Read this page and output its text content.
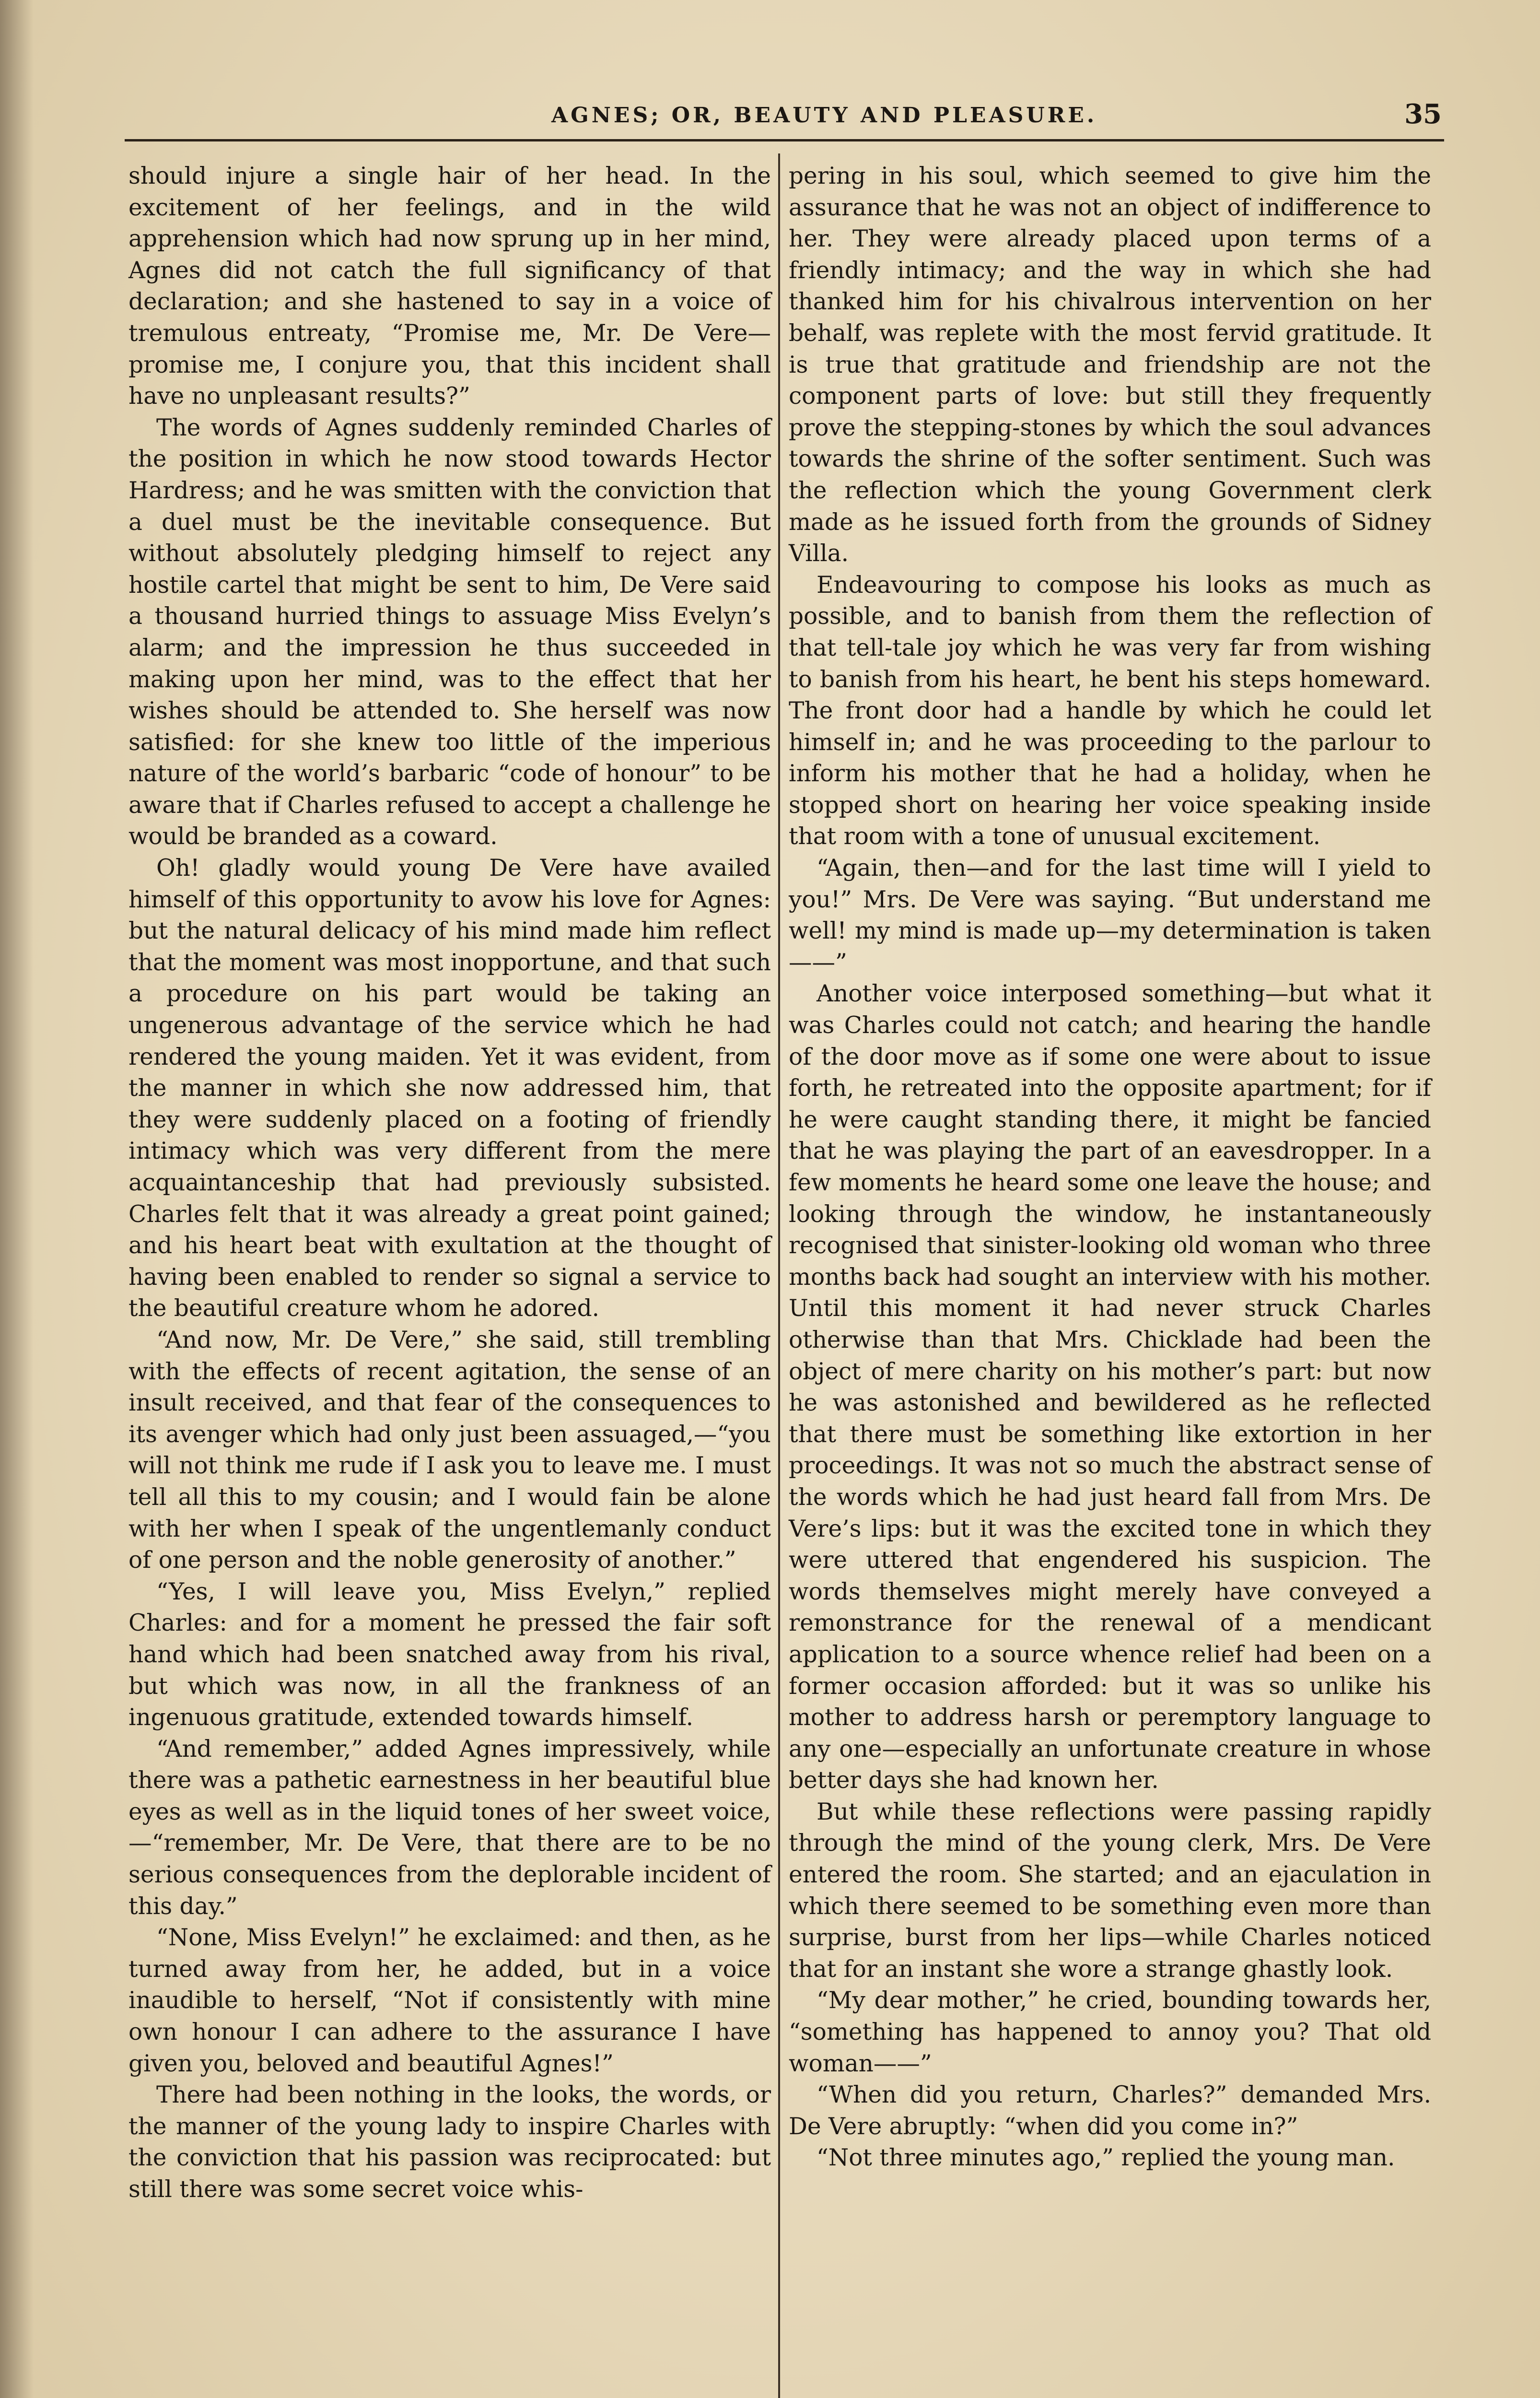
AGNES; OR, BEAUTY AND PLEASURE.	35

should injure a single hair of her head. In the excitement of her feelings, and in the wild apprehension which had now sprung up in her mind, Agnes did not catch the full significancy of that declaration; and she hastened to say in a voice of tremulous entreaty, “Promise me, Mr. De Vere—promise me, I conjure you, that this incident shall have no unpleasant results?”

The words of Agnes suddenly reminded Charles of the position in which he now stood towards Hector Hardress; and he was smitten with the conviction that a duel must be the inevitable consequence. But without absolutely pledging himself to reject any hostile cartel that might be sent to him, De Vere said a thousand hurried things to assuage Miss Evelyn’s alarm; and the impression he thus succeeded in making upon her mind, was to the effect that her wishes should be attended to. She herself was now satisfied: for she knew too little of the imperious nature of the world’s barbaric “code of honour” to be aware that if Charles refused to accept a challenge he would be branded as a coward.

Oh! gladly would young De Vere have availed himself of this opportunity to avow his love for Agnes: but the natural delicacy of his mind made him reflect that the moment was most inopportune, and that such a procedure on his part would be taking an ungenerous advantage of the service which he had rendered the young maiden. Yet it was evident, from the manner in which she now addressed him, that they were suddenly placed on a footing of friendly intimacy which was very different from the mere acquaintanceship that had previously subsisted. Charles felt that it was already a great point gained; and his heart beat with exultation at the thought of having been enabled to render so signal a service to the beautiful creature whom he adored.

“And now, Mr. De Vere,” she said, still trembling with the effects of recent agitation, the sense of an insult received, and that fear of the consequences to its avenger which had only just been assuaged,—“you will not think me rude if I ask you to leave me. I must tell all this to my cousin; and I would fain be alone with her when I speak of the ungentlemanly conduct of one person and the noble generosity of another.”

“Yes, I will leave you, Miss Evelyn,” replied Charles: and for a moment he pressed the fair soft hand which had been snatched away from his rival, but which was now, in all the frankness of an ingenuous gratitude, extended towards himself.

“And remember,” added Agnes impressively, while there was a pathetic earnestness in her beautiful blue eyes as well as in the liquid tones of her sweet voice,—“remember, Mr. De Vere, that there are to be no serious consequences from the deplorable incident of this day.”

“None, Miss Evelyn!” he exclaimed: and then, as he turned away from her, he added, but in a voice inaudible to herself, “Not if consistently with mine own honour I can adhere to the assurance I have given you, beloved and beautiful Agnes!”

There had been nothing in the looks, the words, or the manner of the young lady to inspire Charles with the conviction that his passion was reciprocated: but still there was some secret voice whis-

pering in his soul, which seemed to give him the assurance that he was not an object of indifference to her. They were already placed upon terms of a friendly intimacy; and the way in which she had thanked him for his chivalrous intervention on her behalf, was replete with the most fervid gratitude. It is true that gratitude and friendship are not the component parts of love: but still they frequently prove the stepping-stones by which the soul advances towards the shrine of the softer sentiment. Such was the reflection which the young Government clerk made as he issued forth from the grounds of Sidney Villa.

Endeavouring to compose his looks as much as possible, and to banish from them the reflection of that tell-tale joy which he was very far from wishing to banish from his heart, he bent his steps homeward. The front door had a handle by which he could let himself in; and he was proceeding to the parlour to inform his mother that he had a holiday, when he stopped short on hearing her voice speaking inside that room with a tone of unusual excitement.

“Again, then—and for the last time will I yield to you!” Mrs. De Vere was saying. “But understand me well! my mind is made up—my determination is taken——”

Another voice interposed something—but what it was Charles could not catch; and hearing the handle of the door move as if some one were about to issue forth, he retreated into the opposite apartment; for if he were caught standing there, it might be fancied that he was playing the part of an eavesdropper. In a few moments he heard some one leave the house; and looking through the window, he instantaneously recognised that sinister-looking old woman who three months back had sought an interview with his mother. Until this moment it had never struck Charles otherwise than that Mrs. Chicklade had been the object of mere charity on his mother’s part: but now he was astonished and bewildered as he reflected that there must be something like extortion in her proceedings. It was not so much the abstract sense of the words which he had just heard fall from Mrs. De Vere’s lips: but it was the excited tone in which they were uttered that engendered his suspicion. The words themselves might merely have conveyed a remonstrance for the renewal of a mendicant application to a source whence relief had been on a former occasion afforded: but it was so unlike his mother to address harsh or peremptory language to any one—especially an unfortunate creature in whose better days she had known her.

But while these reflections were passing rapidly through the mind of the young clerk, Mrs. De Vere entered the room. She started; and an ejaculation in which there seemed to be something even more than surprise, burst from her lips—while Charles noticed that for an instant she wore a strange ghastly look.

“My dear mother,” he cried, bounding towards her, “something has happened to annoy you? That old woman——”

“When did you return, Charles?” demanded Mrs. De Vere abruptly: “when did you come in?”

“Not three minutes ago,” replied the young man.
